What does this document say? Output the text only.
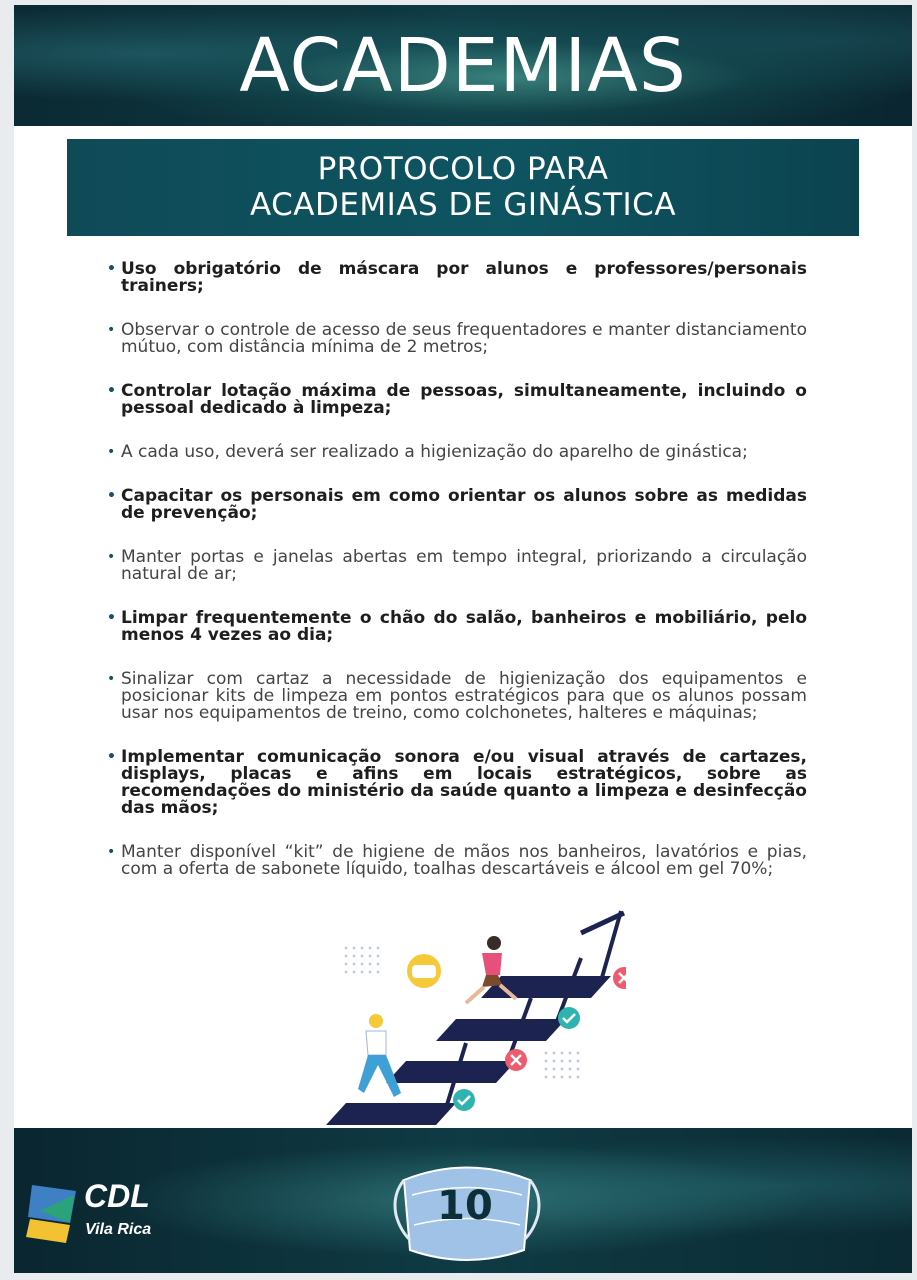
ACADEMIAS
PROTOCOLO PARA
ACADEMIAS DE GINÁSTICA
• Uso obrigatório de máscara por alunos e professores/personais trainers;
• Observar o controle de acesso de seus frequentadores e manter distanciamento mútuo, com distância mínima de 2 metros;
• Controlar lotação máxima de pessoas, simultaneamente, incluindo o pessoal dedicado à limpeza;
• A cada uso, deverá ser realizado a higienização do aparelho de ginástica;
• Capacitar os personais em como orientar os alunos sobre as medidas de prevenção;
• Manter portas e janelas abertas em tempo integral, priorizando a circulação natural de ar;
• Limpar frequentemente o chão do salão, banheiros e mobiliário, pelo menos 4 vezes ao dia;
• Sinalizar com cartaz a necessidade de higienização dos equipamentos e posicionar kits de limpeza em pontos estratégicos para que os alunos possam usar nos equipamentos de treino, como colchonetes, halteres e máquinas;
• Implementar comunicação sonora e/ou visual através de cartazes, displays, placas e afins em locais estratégicos, sobre as recomendações do ministério da saúde quanto a limpeza e desinfecção das mãos;
• Manter disponível “kit” de higiene de mãos nos banheiros, lavatórios e pias, com a oferta de sabonete líquido, toalhas descartáveis e álcool em gel 70%;
CDL
Vila Rica
10
